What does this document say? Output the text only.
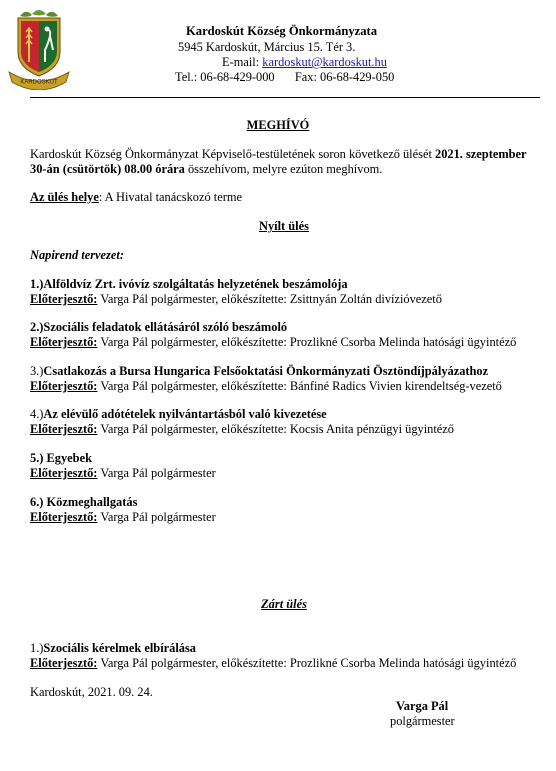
KARDOSKÚT
Kardoskút Község Önkormányzata
5945 Kardoskút, Március 15. Tér 3.
E-mail: kardoskut@kardoskut.hu
Tel.: 06-68-429-000 Fax: 06-68-429-050
MEGHÍVÓ
Kardoskút Község Önkormányzat Képviselő-testületének soron következő ülését 2021. szeptember
30-án (csütörtök) 08.00 órára összehívom, melyre ezúton meghívom.
Az ülés helye: A Hivatal tanácskozó terme
Nyílt ülés
Napirend tervezet:
1.)Alföldvíz Zrt. ivóvíz szolgáltatás helyzetének beszámolója
Előterjesztő: Varga Pál polgármester, előkészítette: Zsittnyán Zoltán divízióvezető
2.)Szociális feladatok ellátásáról szóló beszámoló
Előterjesztő: Varga Pál polgármester, előkészítette: Prozlikné Csorba Melinda hatósági ügyintéző
3.)Csatlakozás a Bursa Hungarica Felsőoktatási Önkormányzati Ösztöndíjpályázathoz
Előterjesztő: Varga Pál polgármester, előkészítette: Bánfiné Radics Vivien kirendeltség-vezető
4.)Az elévülő adótételek nyilvántartásból való kivezetése
Előterjesztő: Varga Pál polgármester, előkészítette: Kocsis Anita pénzügyi ügyintéző
5.) Egyebek
Előterjesztő: Varga Pál polgármester
6.) Közmeghallgatás
Előterjesztő: Varga Pál polgármester
Zárt ülés
1.)Szociális kérelmek elbírálása
Előterjesztő: Varga Pál polgármester, előkészítette: Prozlikné Csorba Melinda hatósági ügyintéző
Kardoskút, 2021. 09. 24.
Varga Pál
polgármester
